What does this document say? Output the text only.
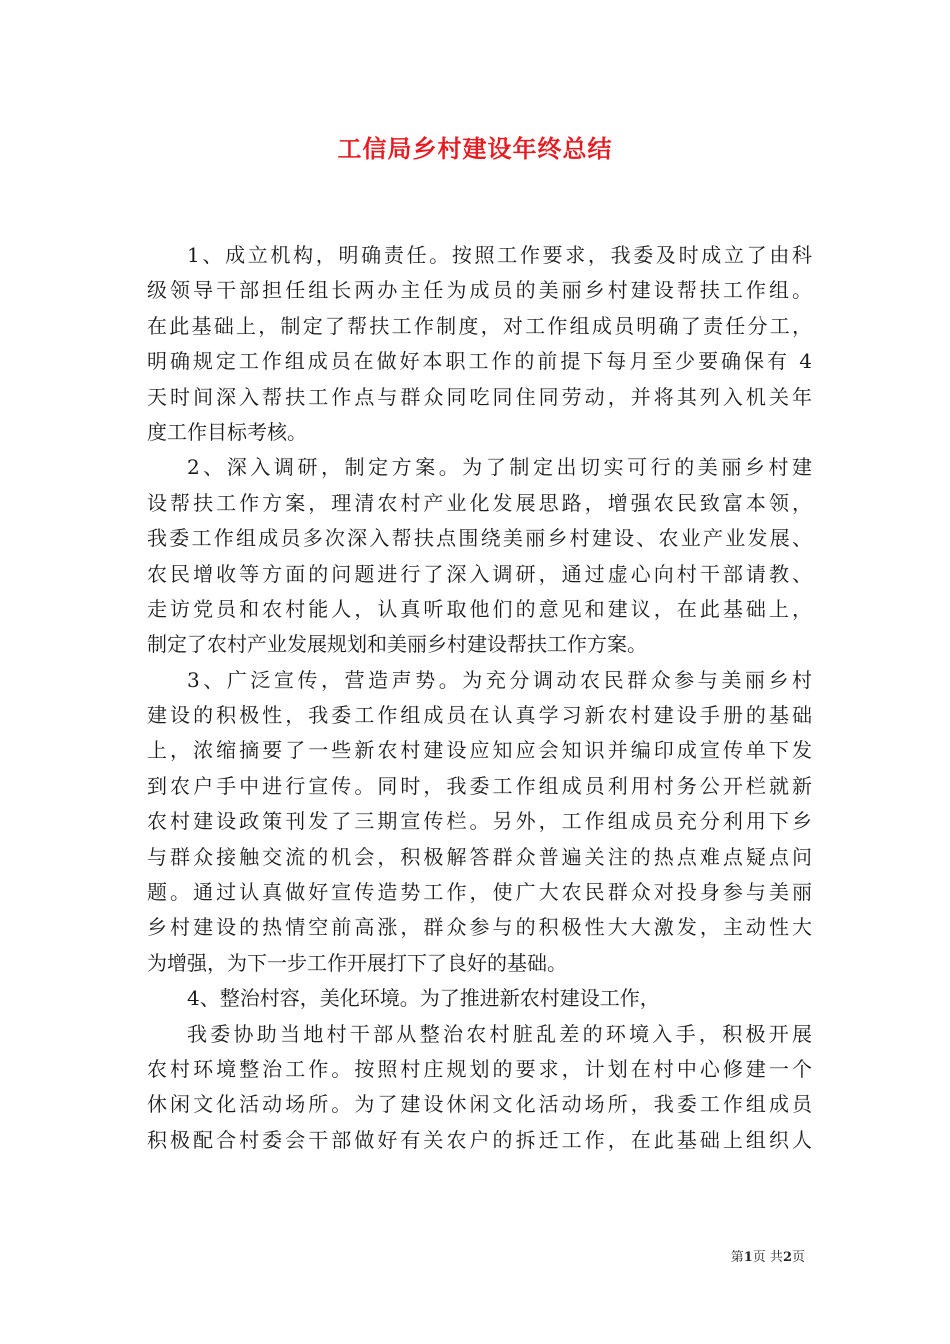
工信局乡村建设年终总结
1、成立机构，明确责任。按照工作要求，我委及时成立了由科
级领导干部担任组长两办主任为成员的美丽乡村建设帮扶工作组。
在此基础上，制定了帮扶工作制度，对工作组成员明确了责任分工，
明确规定工作组成员在做好本职工作的前提下每月至少要确保有 4
天时间深入帮扶工作点与群众同吃同住同劳动，并将其列入机关年
度工作目标考核。
2、深入调研，制定方案。为了制定出切实可行的美丽乡村建
设帮扶工作方案，理清农村产业化发展思路，增强农民致富本领，
我委工作组成员多次深入帮扶点围绕美丽乡村建设、农业产业发展、
农民增收等方面的问题进行了深入调研，通过虚心向村干部请教、
走访党员和农村能人，认真听取他们的意见和建议，在此基础上，
制定了农村产业发展规划和美丽乡村建设帮扶工作方案。
3、广泛宣传，营造声势。为充分调动农民群众参与美丽乡村
建设的积极性，我委工作组成员在认真学习新农村建设手册的基础
上，浓缩摘要了一些新农村建设应知应会知识并编印成宣传单下发
到农户手中进行宣传。同时，我委工作组成员利用村务公开栏就新
农村建设政策刊发了三期宣传栏。另外，工作组成员充分利用下乡
与群众接触交流的机会，积极解答群众普遍关注的热点难点疑点问
题。通过认真做好宣传造势工作，使广大农民群众对投身参与美丽
乡村建设的热情空前高涨，群众参与的积极性大大激发，主动性大
为增强，为下一步工作开展打下了良好的基础。
4、整治村容，美化环境。为了推进新农村建设工作，
我委协助当地村干部从整治农村脏乱差的环境入手，积极开展
农村环境整治工作。按照村庄规划的要求，计划在村中心修建一个
休闲文化活动场所。为了建设休闲文化活动场所，我委工作组成员
积极配合村委会干部做好有关农户的拆迁工作，在此基础上组织人
第1页 共2页
